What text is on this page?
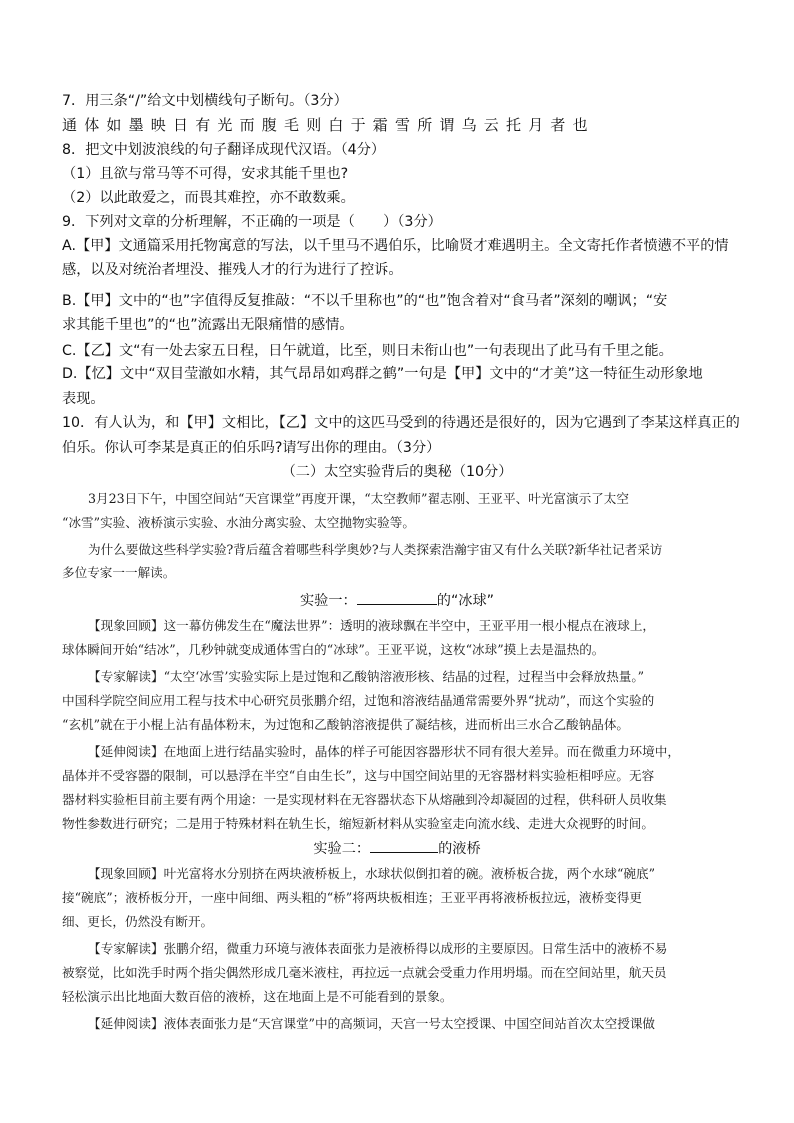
7．用三条“/”给文中划横线句子断句。（3分）
通体如墨映日有光而腹毛则白于霜雪所谓乌云托月者也
8．把文中划波浪线的句子翻译成现代汉语。（4分）
（1）且欲与常马等不可得，安求其能千里也?
（2）以此敢爱之，而畏其难控，亦不敢数乘。
9．下列对文章的分析理解，不正确的一项是（　　）（3分）
A.【甲】文通篇采用托物寓意的写法，以千里马不遇伯乐，比喻贤才难遇明主。全文寄托作者愤懑不平的情
感，以及对统治者埋没、摧残人才的行为进行了控诉。
B.【甲】文中的“也”字值得反复推敲：“不以千里称也”的“也”饱含着对“食马者”深刻的嘲讽；“安
求其能千里也”的“也”流露出无限痛惜的感情。
C.【乙】文“有一处去家五日程，日午就道，比至，则日未衔山也”一句表现出了此马有千里之能。
D.【忆】文中“双目莹澈如水精，其气昂昂如鸡群之鹤”一句是【甲】文中的“才美”这一特征生动形象地
表现。
10．有人认为，和【甲】文相比，【乙】文中的这匹马受到的待遇还是很好的，因为它遇到了李某这样真正的
伯乐。你认可李某是真正的伯乐吗?请写出你的理由。（3分）
（二）太空实验背后的奥秘（10分）
3月23日下午，中国空间站“天宫课堂”再度开课，“太空教师”翟志刚、王亚平、叶光富演示了太空
“冰雪”实验、液桥演示实验、水油分离实验、太空抛物实验等。
为什么要做这些科学实验?背后蕴含着哪些科学奥妙?与人类探索浩瀚宇宙又有什么关联?新华社记者采访
多位专家一一解读。
实验一：	的“冰球”
【现象回顾】这一幕仿佛发生在“魔法世界”：透明的液球飘在半空中，王亚平用一根小棍点在液球上，
球体瞬间开始“结冰”，几秒钟就变成通体雪白的“冰球”。王亚平说，这枚“冰球”摸上去是温热的。
【专家解读】“太空‘冰雪’实验实际上是过饱和乙酸钠溶液形核、结晶的过程，过程当中会释放热量。”
中国科学院空间应用工程与技术中心研究员张鹏介绍，过饱和溶液结晶通常需要外界“扰动”，而这个实验的
“玄机”就在于小棍上沾有晶体粉末，为过饱和乙酸钠溶液提供了凝结核，进而析出三水合乙酸钠晶体。
【延伸阅读】在地面上进行结晶实验时，晶体的样子可能因容器形状不同有很大差异。而在微重力环境中，
晶体并不受容器的限制，可以悬浮在半空“自由生长”，这与中国空间站里的无容器材料实验柜相呼应。无容
器材料实验柜目前主要有两个用途：一是实现材料在无容器状态下从熔融到冷却凝固的过程，供科研人员收集
物性参数进行研究；二是用于特殊材料在轨生长，缩短新材料从实验室走向流水线、走进大众视野的时间。
实验二：	的液桥
【现象回顾】叶光富将水分别挤在两块液桥板上，水球状似倒扣着的碗。液桥板合拢，两个水球“碗底”
接“碗底”；液桥板分开，一座中间细、两头粗的“桥”将两块板相连；王亚平再将液桥板拉远，液桥变得更
细、更长，仍然没有断开。
【专家解读】张鹏介绍，微重力环境与液体表面张力是液桥得以成形的主要原因。日常生活中的液桥不易
被察觉，比如洗手时两个指尖偶然形成几毫米液柱，再拉远一点就会受重力作用坍塌。而在空间站里，航天员
轻松演示出比地面大数百倍的液桥，这在地面上是不可能看到的景象。
【延伸阅读】液体表面张力是“天宫课堂”中的高频词，天宫一号太空授课、中国空间站首次太空授课做
